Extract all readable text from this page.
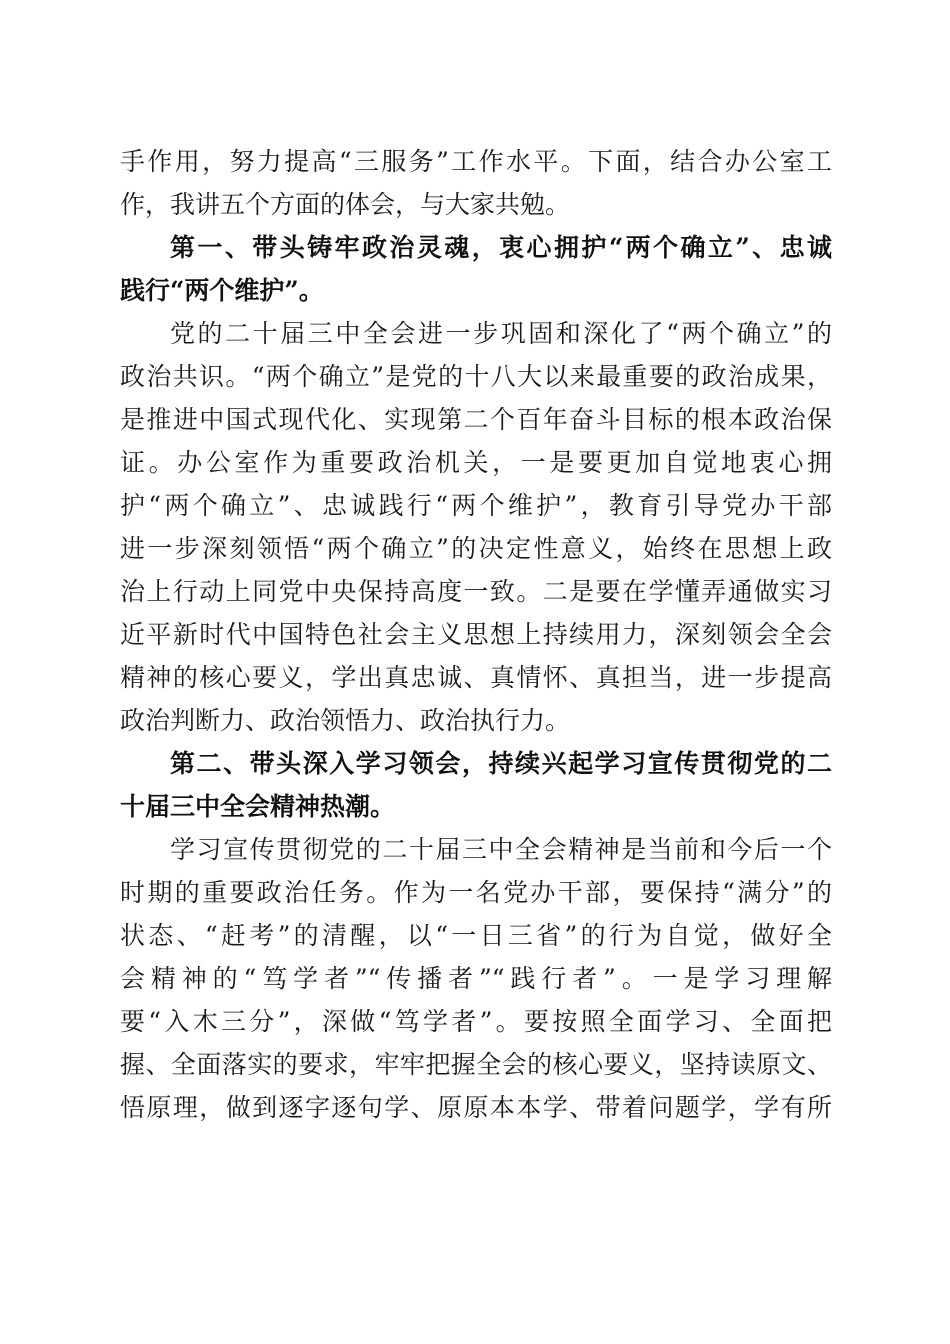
手作用，努力提高“三服务”工作水平。下面，结合办公室工
作，我讲五个方面的体会，与大家共勉。

第一、带头铸牢政治灵魂，衷心拥护“两个确立”、忠诚
践行“两个维护”。

党的二十届三中全会进一步巩固和深化了“两个确立”的
政治共识。“两个确立”是党的十八大以来最重要的政治成果，
是推进中国式现代化、实现第二个百年奋斗目标的根本政治保
证。办公室作为重要政治机关，一是要更加自觉地衷心拥
护“两个确立”、忠诚践行“两个维护”，教育引导党办干部
进一步深刻领悟“两个确立”的决定性意义，始终在思想上政
治上行动上同党中央保持高度一致。二是要在学懂弄通做实习
近平新时代中国特色社会主义思想上持续用力，深刻领会全会
精神的核心要义，学出真忠诚、真情怀、真担当，进一步提高
政治判断力、政治领悟力、政治执行力。

第二、带头深入学习领会，持续兴起学习宣传贯彻党的二
十届三中全会精神热潮。

学习宣传贯彻党的二十届三中全会精神是当前和今后一个
时期的重要政治任务。作为一名党办干部，要保持“满分”的
状态、“赶考”的清醒，以“一日三省”的行为自觉，做好全
会精神的“笃学者”“传播者”“践行者”。一是学习理解
要“入木三分”，深做“笃学者”。要按照全面学习、全面把
握、全面落实的要求，牢牢把握全会的核心要义，坚持读原文、
悟原理，做到逐字逐句学、原原本本学、带着问题学，学有所
